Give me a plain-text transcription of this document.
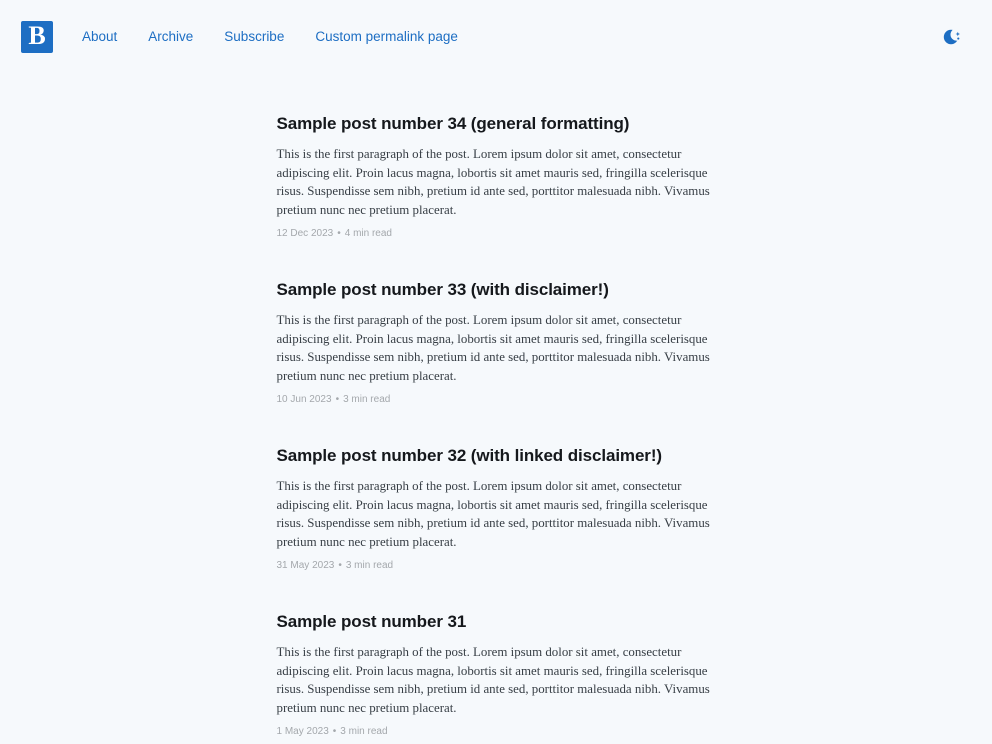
B	About Archive Subscribe Custom permalink page
Sample post number 34 (general formatting)

This is the first paragraph of the post. Lorem ipsum dolor sit amet, consectetur adipiscing elit. Proin lacus magna, lobortis sit amet mauris sed, fringilla scelerisque risus. Suspendisse sem nibh, pretium id ante sed, porttitor malesuada nibh. Vivamus pretium nunc nec pretium placerat.

12 Dec 2023 • 4 min read
Sample post number 33 (with disclaimer!)

This is the first paragraph of the post. Lorem ipsum dolor sit amet, consectetur adipiscing elit. Proin lacus magna, lobortis sit amet mauris sed, fringilla scelerisque risus. Suspendisse sem nibh, pretium id ante sed, porttitor malesuada nibh. Vivamus pretium nunc nec pretium placerat.

10 Jun 2023 • 3 min read
Sample post number 32 (with linked disclaimer!)

This is the first paragraph of the post. Lorem ipsum dolor sit amet, consectetur adipiscing elit. Proin lacus magna, lobortis sit amet mauris sed, fringilla scelerisque risus. Suspendisse sem nibh, pretium id ante sed, porttitor malesuada nibh. Vivamus pretium nunc nec pretium placerat.

31 May 2023 • 3 min read
Sample post number 31

This is the first paragraph of the post. Lorem ipsum dolor sit amet, consectetur adipiscing elit. Proin lacus magna, lobortis sit amet mauris sed, fringilla scelerisque risus. Suspendisse sem nibh, pretium id ante sed, porttitor malesuada nibh. Vivamus pretium nunc nec pretium placerat.

1 May 2023 • 3 min read
